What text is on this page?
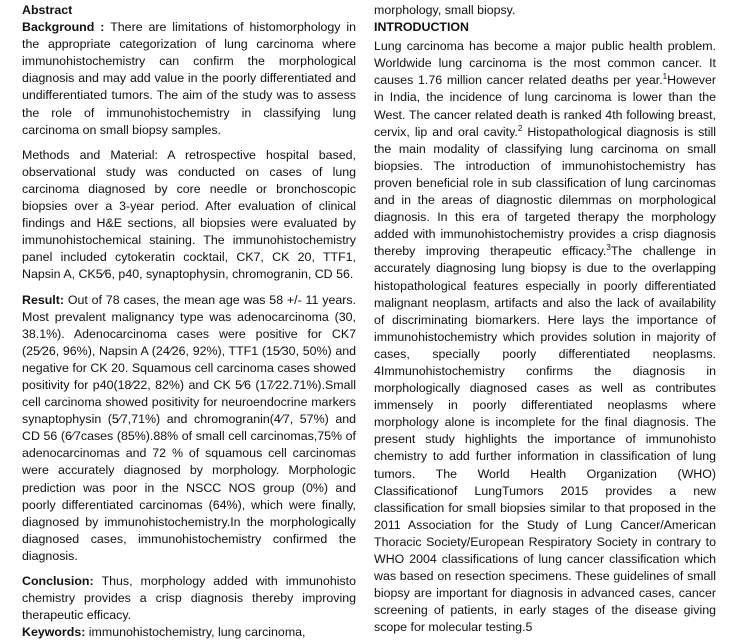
Abstract

Background : There are limitations of histomorphology in the appropriate categorization of lung carcinoma where immunohistochemistry can confirm the morphological diagnosis and may add value in the poorly differentiated and undifferentiated tumors. The aim of the study was to assess the role of immunohistochemistry in classifying lung carcinoma on small biopsy samples.

Methods and Material: A retrospective hospital based, observational study was conducted on cases of lung carcinoma diagnosed by core needle or bronchoscopic biopsies over a 3-year period. After evaluation of clinical findings and H&E sections, all biopsies were evaluated by immunohistochemical staining. The immunohistochemistry panel included cytokeratin cocktail, CK7, CK 20, TTF1, Napsin A, CK5⁄6, p40, synaptophysin, chromogranin, CD 56.

Result: Out of 78 cases, the mean age was 58 +/- 11 years. Most prevalent malignancy type was adenocarcinoma (30, 38.1%). Adenocarcinoma cases were positive for CK7 (25⁄26, 96%), Napsin A (24⁄26, 92%), TTF1 (15⁄30, 50%) and negative for CK 20. Squamous cell carcinoma cases showed positivity for p40(18⁄22, 82%) and CK 5⁄6 (17⁄22.71%).Small cell carcinoma showed positivity for neuroendocrine markers synaptophysin (5⁄7,71%) and chromogranin(4⁄7, 57%) and CD 56 (6⁄7cases (85%).88% of small cell carcinomas,75% of adenocarcinomas and 72 % of squamous cell carcinomas were accurately diagnosed by morphology. Morphologic prediction was poor in the NSCC NOS group (0%) and poorly differentiated carcinomas (64%), which were finally, diagnosed by immunohistochemistry.In the morphologically diagnosed cases, immunohistochemistry confirmed the diagnosis.

Conclusion: Thus, morphology added with immunohisto chemistry provides a crisp diagnosis thereby improving therapeutic efficacy.

Keywords: immunohistochemistry, lung carcinoma,

morphology, small biopsy.

INTRODUCTION

Lung carcinoma has become a major public health problem. Worldwide lung carcinoma is the most common cancer. It causes 1.76 million cancer related deaths per year.$^1$However in India, the incidence of lung carcinoma is lower than the West. The cancer related death is ranked 4th following breast, cervix, lip and oral cavity.$^2$ Histopathological diagnosis is still the main modality of classifying lung carcinoma on small biopsies. The introduction of immunohistochemistry has proven beneficial role in sub classification of lung carcinomas and in the areas of diagnostic dilemmas on morphological diagnosis. In this era of targeted therapy the morphology added with immunohistochemistry provides a crisp diagnosis thereby improving therapeutic efficacy.$^3$The challenge in accurately diagnosing lung biopsy is due to the overlapping histopathological features especially in poorly differentiated malignant neoplasm, artifacts and also the lack of availability of discriminating biomarkers. Here lays the importance of immunohistochemistry which provides solution in majority of cases, specially poorly differentiated neoplasms. 4Immunohistochemistry confirms the diagnosis in morphologically diagnosed cases as well as contributes immensely in poorly differentiated neoplasms where morphology alone is incomplete for the final diagnosis. The present study highlights the importance of immunohisto chemistry to add further information in classification of lung tumors. The World Health Organization (WHO) Classificationof LungTumors 2015 provides a new classification for small biopsies similar to that proposed in the 2011 Association for the Study of Lung Cancer/American Thoracic Society/European Respiratory Society in contrary to WHO 2004 classifications of lung cancer classification which was based on resection specimens. These guidelines of small biopsy are important for diagnosis in advanced cases, cancer screening of patients, in early stages of the disease giving scope for molecular testing.5
